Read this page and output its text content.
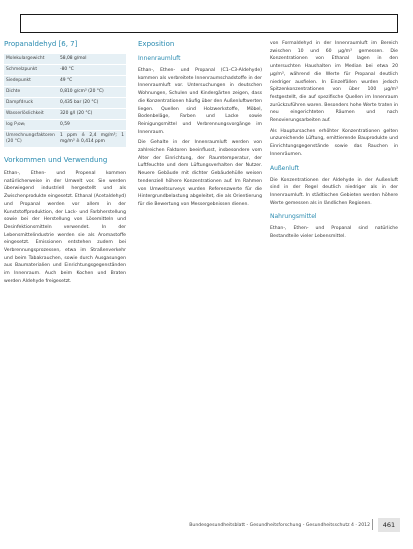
Propanaldehyd [6, 7]
Molekulargewicht	58,08 g/mol
Schmelzpunkt	-80 °C
Siedepunkt	49 °C
Dichte	0,810 g/cm³ (20 °C)
Dampfdruck	0,435 bar (20 °C)
Wasserlöslichkeit	320 g/l (20 °C)
log P₍ow₎	0,59
Umrechnungsfaktoren (20 °C)	1 ppm ≙ 2,4 mg/m³; 1 mg/m³ ≙ 0,414 ppm
Vorkommen und Verwendung

Ethan-, Ethen- und Propenal kommen natürlicherweise in der Umwelt vor. Sie werden überwiegend industriell hergestellt und als Zwischenprodukte eingesetzt. Ethanal (Acetaldehyd) und Propanal werden vor allem in der Kunststoffproduktion, der Lack- und Farbherstellung sowie bei der Herstellung von Lösemitteln und Desinfektionsmitteln verwendet. In der Lebensmittelindustrie werden sie als Aromastoffe eingesetzt. Emissionen entstehen zudem bei Verbrennungsprozessen, etwa im Straßenverkehr und beim Tabakrauchen, sowie durch Ausgasungen aus Baumaterialien und Einrichtungsgegenständen im Innenraum. Auch beim Kochen und Braten werden Aldehyde freigesetzt.

Exposition
Innenraumluft

Ethan-, Ethen- und Propanal (C1–C3-Aldehyde) kommen als verbreitete Innenraumschadstoffe in der Innenraumluft vor. Untersuchungen in deutschen Wohnungen, Schulen und Kindergärten zeigen, dass die Konzentrationen häufig über den Außenluftwerten liegen. Quellen sind Holzwerkstoffe, Möbel, Bodenbeläge, Farben und Lacke sowie Reinigungsmittel und Verbrennungsvorgänge im Innenraum.

Die Gehalte in der Innenraumluft werden von zahlreichen Faktoren beeinflusst, insbesondere vom Alter der Einrichtung, der Raumtemperatur, der Luftfeuchte und dem Lüftungsverhalten der Nutzer. Neuere Gebäude mit dichter Gebäudehülle weisen tendenziell höhere Konzentrationen auf. Im Rahmen von Umweltsurveys wurden Referenzwerte für die Hintergrundbelastung abgeleitet, die als Orientierung für die Bewertung von Messergebnissen dienen.

von Formaldehyd in der Innenraumluft im Bereich zwischen 10 und 60 µg/m³ gemessen. Die Konzentrationen von Ethanal lagen in den untersuchten Haushalten im Median bei etwa 20 µg/m³, während die Werte für Propanal deutlich niedriger ausfielen. In Einzelfällen wurden jedoch Spitzenkonzentrationen von über 100 µg/m³ festgestellt, die auf spezifische Quellen im Innenraum zurückzuführen waren. Besonders hohe Werte traten in neu eingerichteten Räumen und nach Renovierungsarbeiten auf.

Als Hauptursachen erhöhter Konzentrationen gelten unzureichende Lüftung, emittierende Bauprodukte und Einrichtungsgegenstände sowie das Rauchen in Innenräumen.

Außenluft

Die Konzentrationen der Aldehyde in der Außenluft sind in der Regel deutlich niedriger als in der Innenraumluft. In städtischen Gebieten werden höhere Werte gemessen als in ländlichen Regionen.

Nahrungsmittel

Ethan-, Ethen- und Propanal sind natürliche Bestandteile vieler Lebensmittel.

Bundesgesundheitsblatt - Gesundheitsforschung - Gesundheitsschutz 4 · 2012	461
